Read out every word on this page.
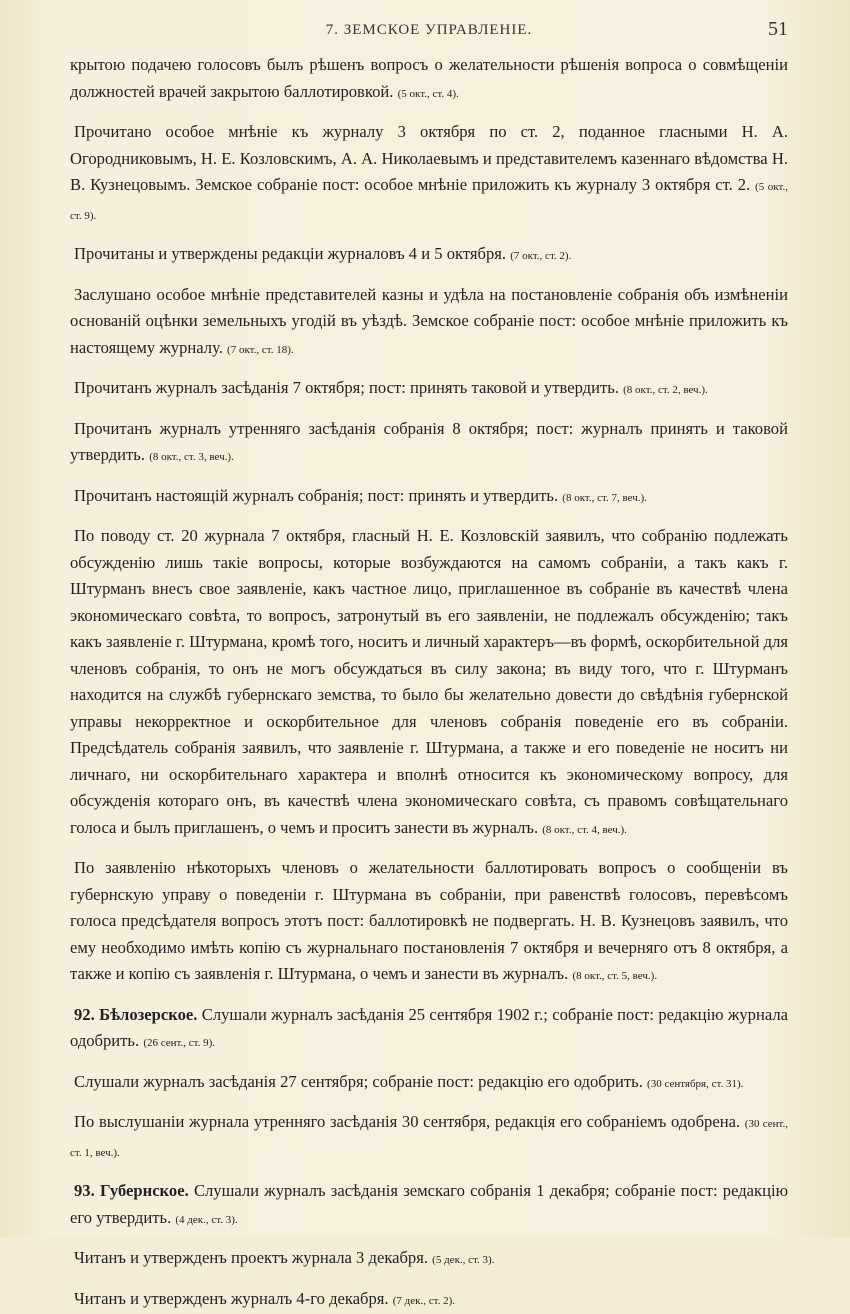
7. ЗЕМСКОЕ УПРАВЛЕНІЕ.	51

крытою подачею голосовъ былъ рѣшенъ вопросъ о желательности рѣшенія вопроса о совмѣщеніи должностей врачей закрытою баллотировкой. (5 окт., ст. 4).

Прочитано особое мнѣніе къ журналу 3 октября по ст. 2, поданное гласными Н. А. Огородниковымъ, Н. Е. Козловскимъ, А. А. Николаевымъ и представителемъ казеннаго вѣдомства Н. В. Кузнецовымъ. Земское собраніе пост: особое мнѣніе приложить къ журналу 3 октября ст. 2. (5 окт., ст. 9).

Прочитаны и утверждены редакціи журналовъ 4 и 5 октября. (7 окт., ст. 2).

Заслушано особое мнѣніе представителей казны и удѣла на постановленіе собранія объ измѣненіи основаній оцѣнки земельныхъ угодій въ уѣздѣ. Земское собраніе пост: особое мнѣніе приложить къ настоящему журналу. (7 окт., ст. 18).

Прочитанъ журналъ засѣданія 7 октября; пост: принять таковой и утвердить. (8 окт., ст. 2, веч.).

Прочитанъ журналъ утренняго засѣданія собранія 8 октября; пост: журналъ принять и таковой утвердить. (8 окт., ст. 3, веч.).

Прочитанъ настоящій журналъ собранія; пост: принять и утвердить. (8 окт., ст. 7, веч.).

По поводу ст. 20 журнала 7 октября, гласный Н. Е. Козловскій заявилъ, что собранію подлежать обсужденію лишь такіе вопросы, которые возбуждаются на самомъ собраніи, а такъ какъ г. Штурманъ внесъ свое заявленіе, какъ частное лицо, приглашенное въ собраніе въ качествѣ члена экономическаго совѣта, то вопросъ, затронутый въ его заявленіи, не подлежалъ обсужденію; такъ какъ заявленіе г. Штурмана, кромѣ того, носитъ и личный характеръ—въ формѣ, оскорбительной для членовъ собранія, то онъ не могъ обсуждаться въ силу закона; въ виду того, что г. Штурманъ находится на службѣ губернскаго земства, то было бы желательно довести до свѣдѣнія губернской управы некорректное и оскорбительное для членовъ собранія поведеніе его въ собраніи. Предсѣдатель собранія заявилъ, что заявленіе г. Штурмана, а также и его поведеніе не носитъ ни личнаго, ни оскорбительнаго характера и вполнѣ относится къ экономическому вопросу, для обсужденія котораго онъ, въ качествѣ члена экономическаго совѣта, съ правомъ совѣщательнаго голоса и былъ приглашенъ, о чемъ и проситъ занести въ журналъ. (8 окт., ст. 4, веч.).

По заявленію нѣкоторыхъ членовъ о желательности баллотировать вопросъ о сообщеніи въ губернскую управу о поведеніи г. Штурмана въ собраніи, при равенствѣ голосовъ, перевѣсомъ голоса предсѣдателя вопросъ этотъ пост: баллотировкѣ не подвергать. Н. В. Кузнецовъ заявилъ, что ему необходимо имѣть копію съ журнальнаго постановленія 7 октября и вечерняго отъ 8 октября, а также и копію съ заявленія г. Штурмана, о чемъ и занести въ журналъ. (8 окт., ст. 5, веч.).

92. Бѣлозерское. Слушали журналъ засѣданія 25 сентября 1902 г.; собраніе пост: редакцію журнала одобрить. (26 сент., ст. 9).

Слушали журналъ засѣданія 27 сентября; собраніе пост: редакцію его одобрить. (30 сентября, ст. 31).

По выслушаніи журнала утренняго засѣданія 30 сентября, редакція его собраніемъ одобрена. (30 сент., ст. 1, веч.).

93. Губернское. Слушали журналъ засѣданія земскаго собранія 1 декабря; собраніе пост: редакцію его утвердить. (4 дек., ст. 3).

Читанъ и утвержденъ проектъ журнала 3 декабря. (5 дек., ст. 3).

Читанъ и утвержденъ журналъ 4-го декабря. (7 дек., ст. 2).
